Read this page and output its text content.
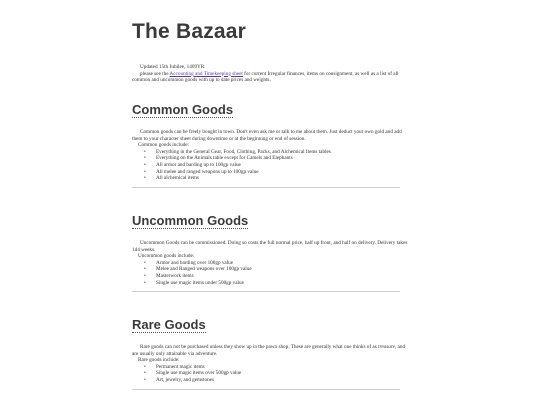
The Bazaar

Updated 15th Jubilee, 1409YR.

please see the Accounting and Timekeeping sheet for current Irregular finances, items on consignment, as well as a list of all common and uncommon goods with up to date prices and weights.

Common Goods

Common goods can be freely bought in town. Don't even ask me or talk to me about them. Just deduct your own gold and add them to your character sheet during downtime or at the beginning or end of session.

Common goods include:

• Everything in the General Gear, Food, Clothing, Packs, and Alchemical Items tables
• Everything on the Animals table except for Camels and Elephants
• All armor and barding up to 100gp value
• All melee and ranged weapons up to 100gp value
• All alchemical items
Uncommon Goods

Uncommon Goods can be commissioned. Doing so costs the full normal price, half up front, and half on delivery. Delivery takes 1d4 weeks.

Uncommon goods include:

• Armor and barding over 100gp value
• Melee and Ranged weapons over 100gp value
• Masterwork items
• Single use magic items under 500gp value
Rare Goods

Rare goods can not be purchased unless they show up in the pawn shop. These are generally what one thinks of as treasure, and are usually only attainable via adventure.

Rare goods include:

• Permanent magic items
• Single use magic items over 500gp value
• Art, jewelry, and gemstones
